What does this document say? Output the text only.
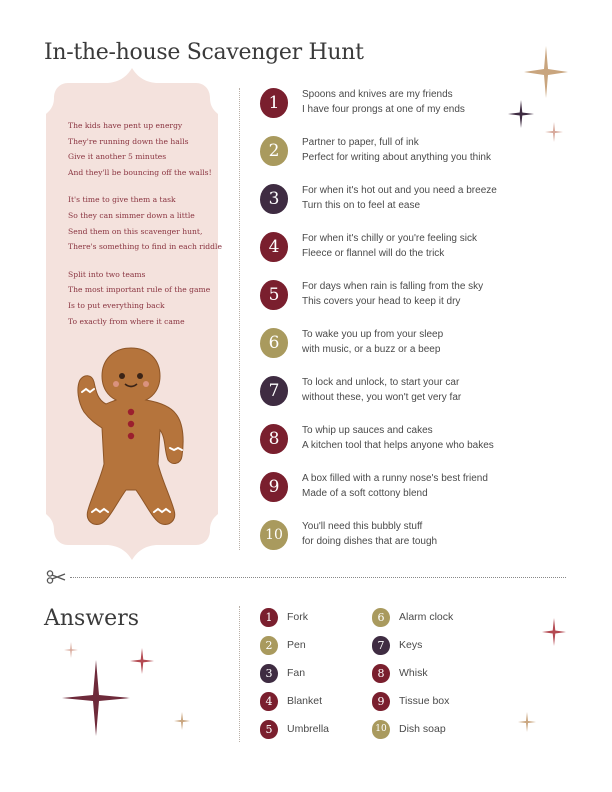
In-the-house Scavenger Hunt
The kids have pent up energy
They're running down the halls
Give it another 5 minutes
And they'll be bouncing off the walls!
It's time to give them a task
So they can simmer down a little
Send them on this scavenger hunt,
There's something to find in each riddle
Split into two teams
The most important rule of the game
Is to put everything back
To exactly from where it came
1	Spoons and knives are my friends
I have four prongs at one of my ends
2	Partner to paper, full of ink
Perfect for writing about anything you think
3	For when it's hot out and you need a breeze
Turn this on to feel at ease
4	For when it's chilly or you're feeling sick
Fleece or flannel will do the trick
5	For days when rain is falling from the sky
This covers your head to keep it dry
6	To wake you up from your sleep
with music, or a buzz or a beep
7	To lock and unlock, to start your car
without these, you won't get very far
8	To whip up sauces and cakes
A kitchen tool that helps anyone who bakes
9	A box filled with a runny nose's best friend
Made of a soft cottony blend
10
You'll need this bubbly stuff
for doing dishes that are tough
Answers	1	Fork
2	Pen
3	Fan
4	Blanket
5	Umbrella
6	Alarm clock
7	Keys
8	Whisk
9	Tissue box
10	Dish soap
